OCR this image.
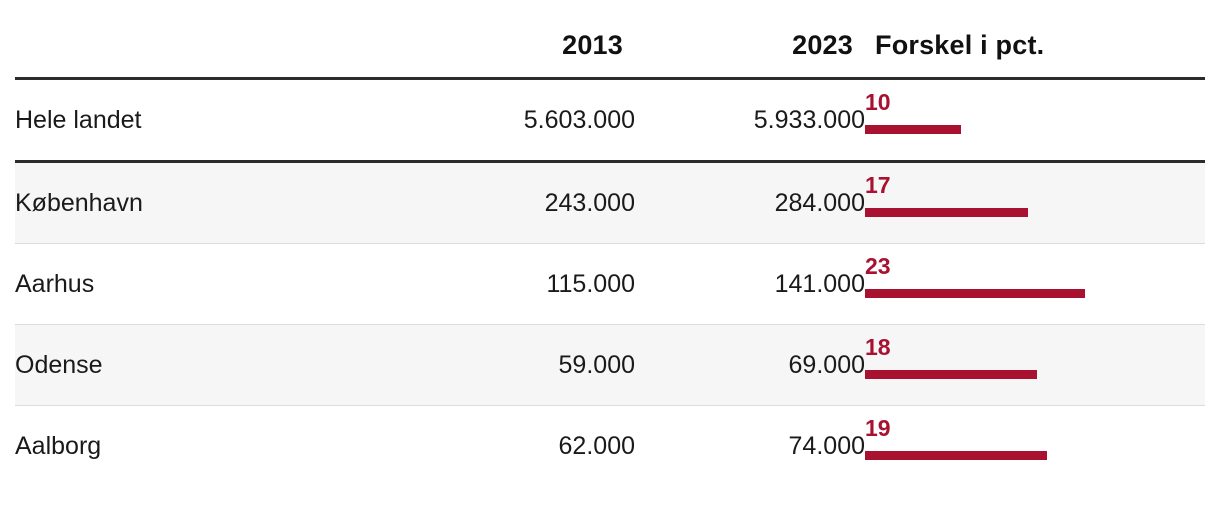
	2013	2023	Forskel i pct.
Hele landet	5.603.000	5.933.000	10

København	243.000	284.000	17

Aarhus	115.000	141.000	23

Odense	59.000	69.000	18

Aalborg	62.000	74.000	19
